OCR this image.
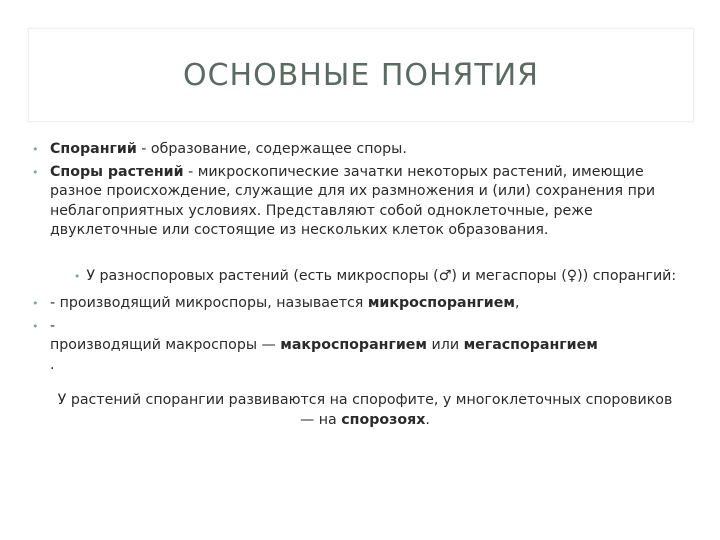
ОСНОВНЫЕ ПОНЯТИЯ
• Спорангий - образование, содержащее споры.
• Споры растений - микроскопические зачатки некоторых растений, имеющие разное происхождение, служащие для их размножения и (или) сохранения при неблагоприятных условиях. Представляют собой одноклеточные, реже двуклеточные или состоящие из нескольких клеток образования.
• У разноспоровых растений (есть микроспоры (♂) и мегаспоры (♀)) спорангий:
• - производящий микроспоры, называется микроспорангием,
• -
производящий макроспоры — макроспорангием или мегаспорангием
.
У растений спорангии развиваются на спорофите, у многоклеточных споровиков — на спорозоях.
